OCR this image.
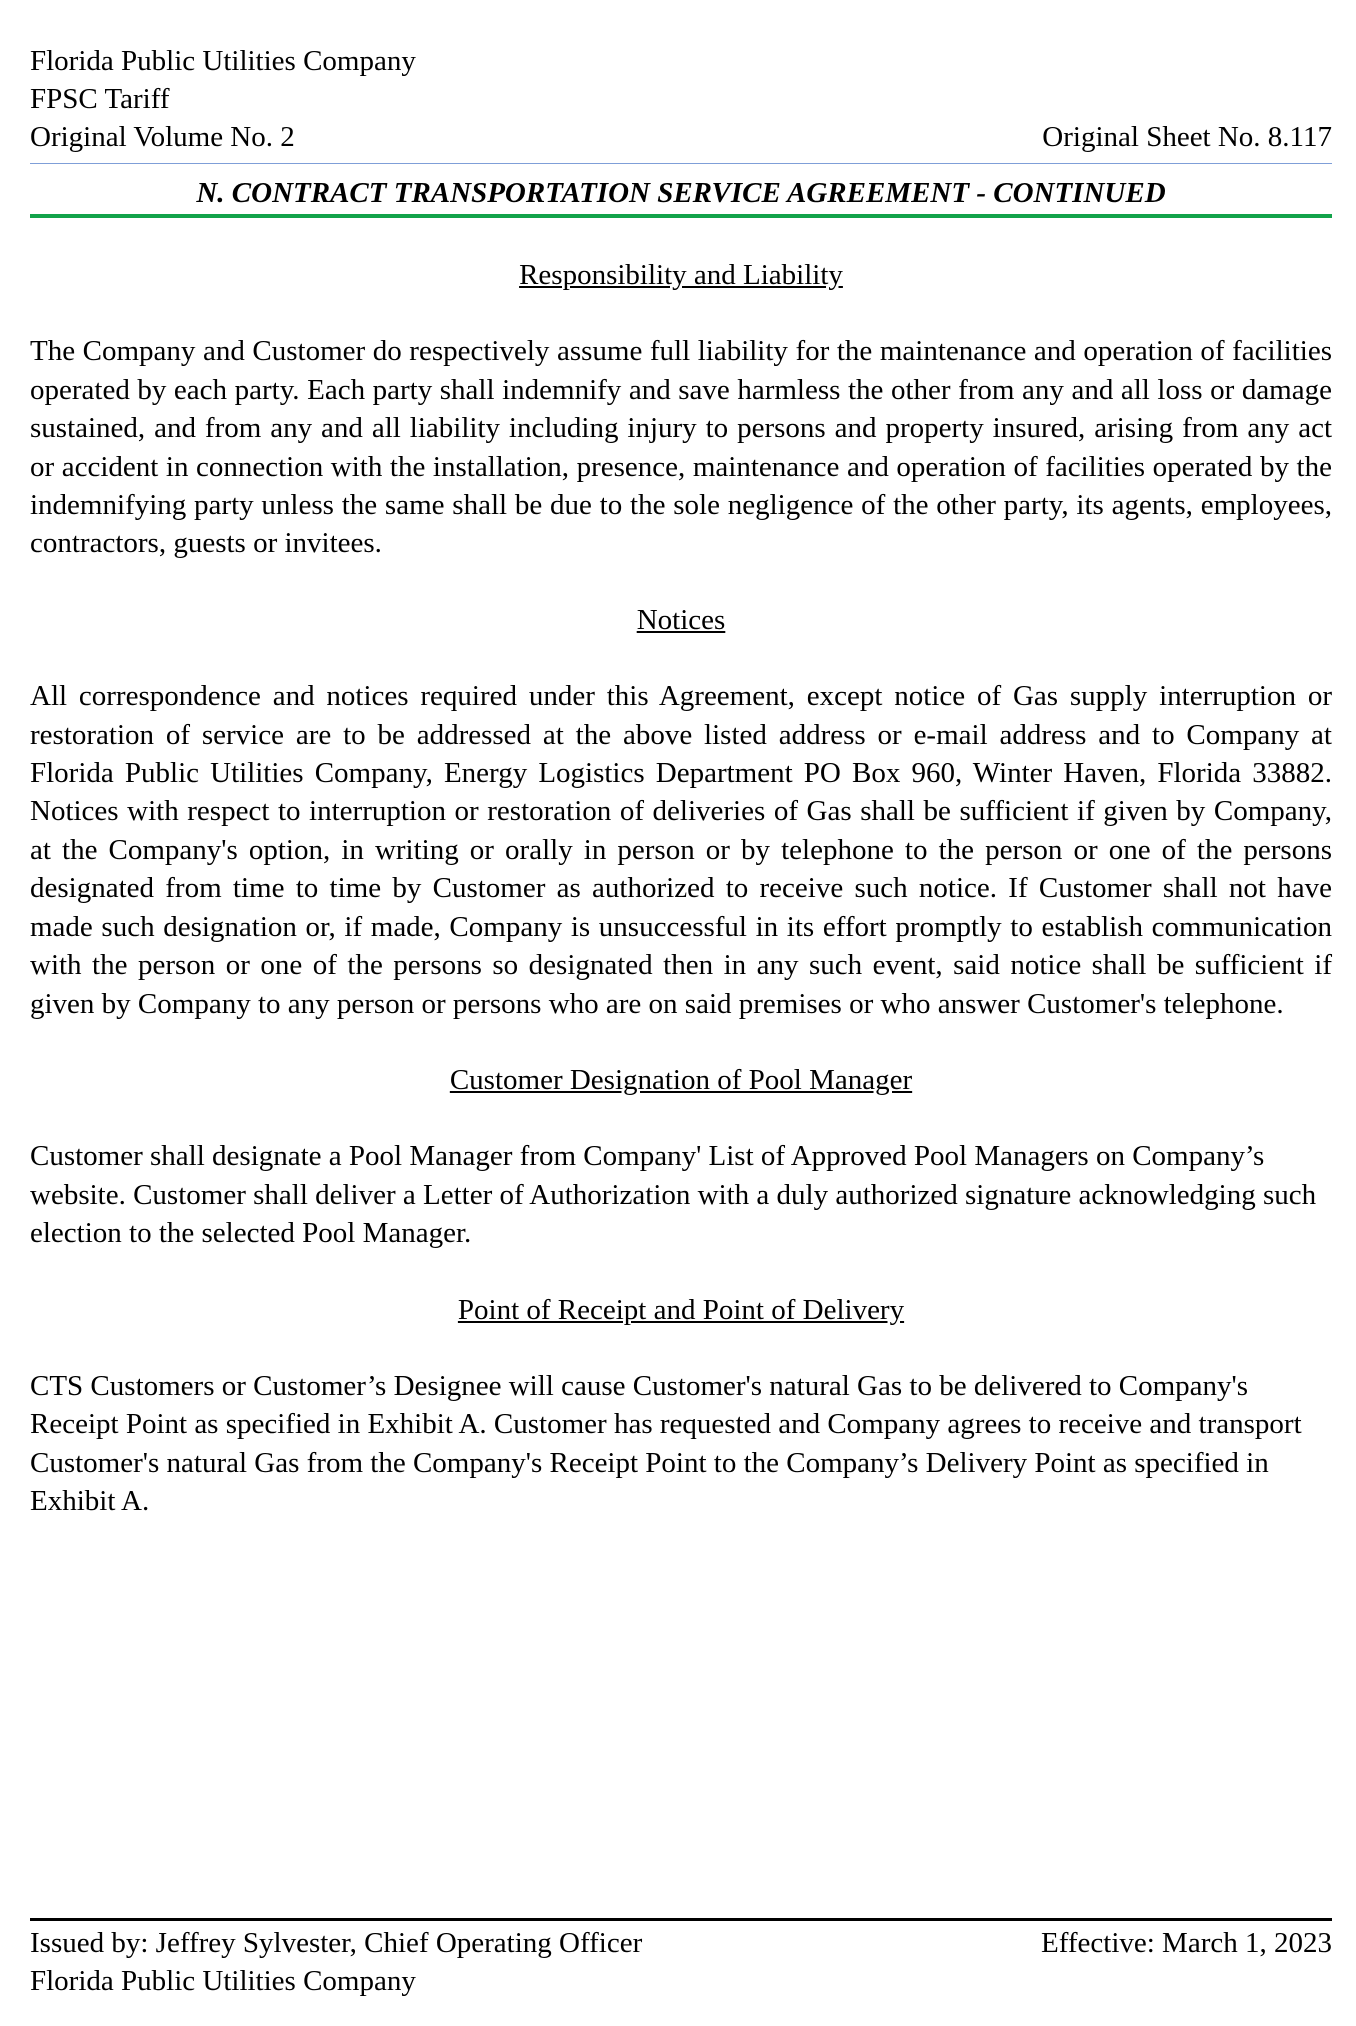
Florida Public Utilities Company
FPSC Tariff
Original Volume No. 2	Original Sheet No. 8.117
N. CONTRACT TRANSPORTATION SERVICE AGREEMENT - CONTINUED
Responsibility and Liability
The Company and Customer do respectively assume full liability for the maintenance and operation of facilities operated by each party. Each party shall indemnify and save harmless the other from any and all loss or damage sustained, and from any and all liability including injury to persons and property insured, arising from any act or accident in connection with the installation, presence, maintenance and operation of facilities operated by the indemnifying party unless the same shall be due to the sole negligence of the other party, its agents, employees, contractors, guests or invitees.
Notices
All correspondence and notices required under this Agreement, except notice of Gas supply interruption or restoration of service are to be addressed at the above listed address or e-mail address and to Company at Florida Public Utilities Company, Energy Logistics Department PO Box 960, Winter Haven, Florida 33882. Notices with respect to interruption or restoration of deliveries of Gas shall be sufficient if given by Company, at the Company's option, in writing or orally in person or by telephone to the person or one of the persons designated from time to time by Customer as authorized to receive such notice. If Customer shall not have made such designation or, if made, Company is unsuccessful in its effort promptly to establish communication with the person or one of the persons so designated then in any such event, said notice shall be sufficient if given by Company to any person or persons who are on said premises or who answer Customer's telephone.
Customer Designation of Pool Manager
Customer shall designate a Pool Manager from Company' List of Approved Pool Managers on Company’s website. Customer shall deliver a Letter of Authorization with a duly authorized signature acknowledging such election to the selected Pool Manager.
Point of Receipt and Point of Delivery
CTS Customers or Customer’s Designee will cause Customer's natural Gas to be delivered to Company's Receipt Point as specified in Exhibit A. Customer has requested and Company agrees to receive and transport Customer's natural Gas from the Company's Receipt Point to the Company’s Delivery Point as specified in Exhibit A.
Issued by: Jeffrey Sylvester, Chief Operating Officer	Effective: March 1, 2023
Florida Public Utilities Company
